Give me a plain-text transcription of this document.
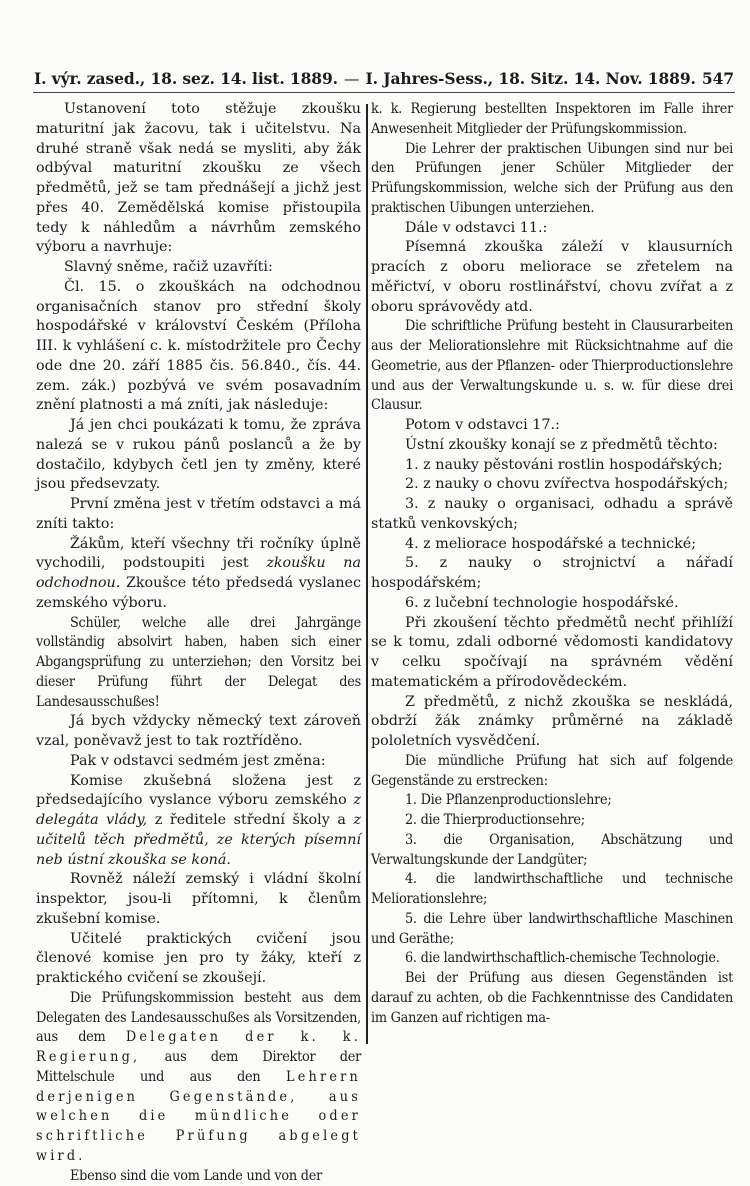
I. výr. zased., 18. sez. 14. list. 1889. — I. Jahres-Sess., 18. Sitz. 14. Nov. 1889. 547

Ustanovení toto stěžuje zkoušku maturitní jak žacovu, tak i učitelstvu. Na druhé straně však nedá se mysliti, aby žák odbýval maturitní zkoušku ze všech předmětů, jež se tam přednášejí a jichž jest přes 40. Zemědělská komise přistoupila tedy k náhledům a návrhům zemského výboru a navrhuje:

Slavný sněme, račiž uzavříti:

Čl. 15. o zkouškách na odchodnou organisačních stanov pro střední školy hospodářské v království Českém (Příloha III. k vyhlášení c. k. místodržitele pro Čechy ode dne 20. září 1885 čis. 56.840., čís. 44. zem. zák.) pozbývá ve svém posavadním znění platnosti a má zníti, jak následuje:

Já jen chci poukázati k tomu, že zpráva nalezá se v rukou pánů poslanců a že by dostačilo, kdybych četl jen ty změny, které jsou předsevzaty.

První změna jest v třetím odstavci a má zníti takto:

Žákům, kteří všechny tři ročníky úplně vychodili, podstoupiti jest zkoušku na odchodnou. Zkoušce této předsedá vyslanec zemského výboru.

Schüler, welche alle drei Jahrgänge vollständig absolvirt haben, haben sich einer Abgangsprüfung zu unterziehən; den Vorsitz bei dieser Prüfung führt der Delegat des Landesausschußes!

Já bych vždycky německý text zároveň vzal, poněvavž jest to tak roztříděno.

Pak v odstavci sedmém jest změna:

Komise zkušebná složena jest z předsedajícího vyslance výboru zemského z delegáta vlády, z ředitele střední školy a z učitelů těch předmětů, ze kterých písemní neb ústní zkouška se koná.

Rovněž náleží zemský i vládní školní inspektor, jsou-li přítomni, k členům zkušební komise.

Učitelé praktických cvičení jsou členové komise jen pro ty žáky, kteří z praktického cvičení se zkoušejí.

Die Prüfungskommission besteht aus dem Delegaten des Landesausschußes als Vorsitzenden, aus dem Delegaten der k. k. Regierung, aus dem Direktor der Mittelschule und aus den Lehrern derjenigen Gegenstände, aus welchen die mündliche oder schriftliche Prüfung abgelegt wird.

Ebenso sind die vom Lande und von der

k. k. Regierung bestellten Inspektoren im Falle ihrer Anwesenheit Mitglieder der Prüfungskommission.

Die Lehrer der praktischen Uibungen sind nur bei den Prüfungen jener Schüler Mitglieder der Prüfungskommission, welche sich der Prüfung aus den praktischen Uibungen unterziehen.

Dále v odstavci 11.:

Písemná zkouška záleží v klausurních pracích z oboru meliorace se zřetelem na měřictví, v oboru rostlinářství, chovu zvířat a z oboru správovědy atd.

Die schriftliche Prüfung besteht in Clausurarbeiten aus der Meliorationslehre mit Rücksichtnahme auf die Geometrie, aus der Pflanzen- oder Thierproductionslehre und aus der Verwaltungskunde u. s. w. für diese drei Clausur.

Potom v odstavci 17.:

Ústní zkoušky konají se z předmětů těchto:

1. z nauky pěstováni rostlin hospodářských;

2. z nauky o chovu zvířectva hospodářských;

3. z nauky o organisaci, odhadu a správě statků venkovských;

4. z meliorace hospodářské a technické;

5. z nauky o strojnictví a nářadí hospodářském;

6. z lučební technologie hospodářské.

Při zkoušení těchto předmětů nechť přihlíží se k tomu, zdali odborné vědomosti kandidatovy v celku spočívají na správném vědění matematickém a přírodovědeckém.

Z předmětů, z nichž zkouška se neskládá, obdrží žák známky průměrné na základě pololetních vysvědčení.

Die mündliche Prüfung hat sich auf folgende Gegenstände zu erstrecken:

1. Die Pflanzenproductionslehre;

2. die Thierproductionsehre;

3. die Organisation, Abschätzung und Verwaltungskunde der Landgüter;

4. die landwirthschaftliche und technische Meliorationslehre;

5. die Lehre über landwirthschaftliche Maschinen und Geräthe;

6. die landwirthschaftlich-chemische Technologie.

Bei der Prüfung aus diesen Gegenständen ist darauf zu achten, ob die Fachkenntnisse des Candidaten im Ganzen auf richtigen ma-
